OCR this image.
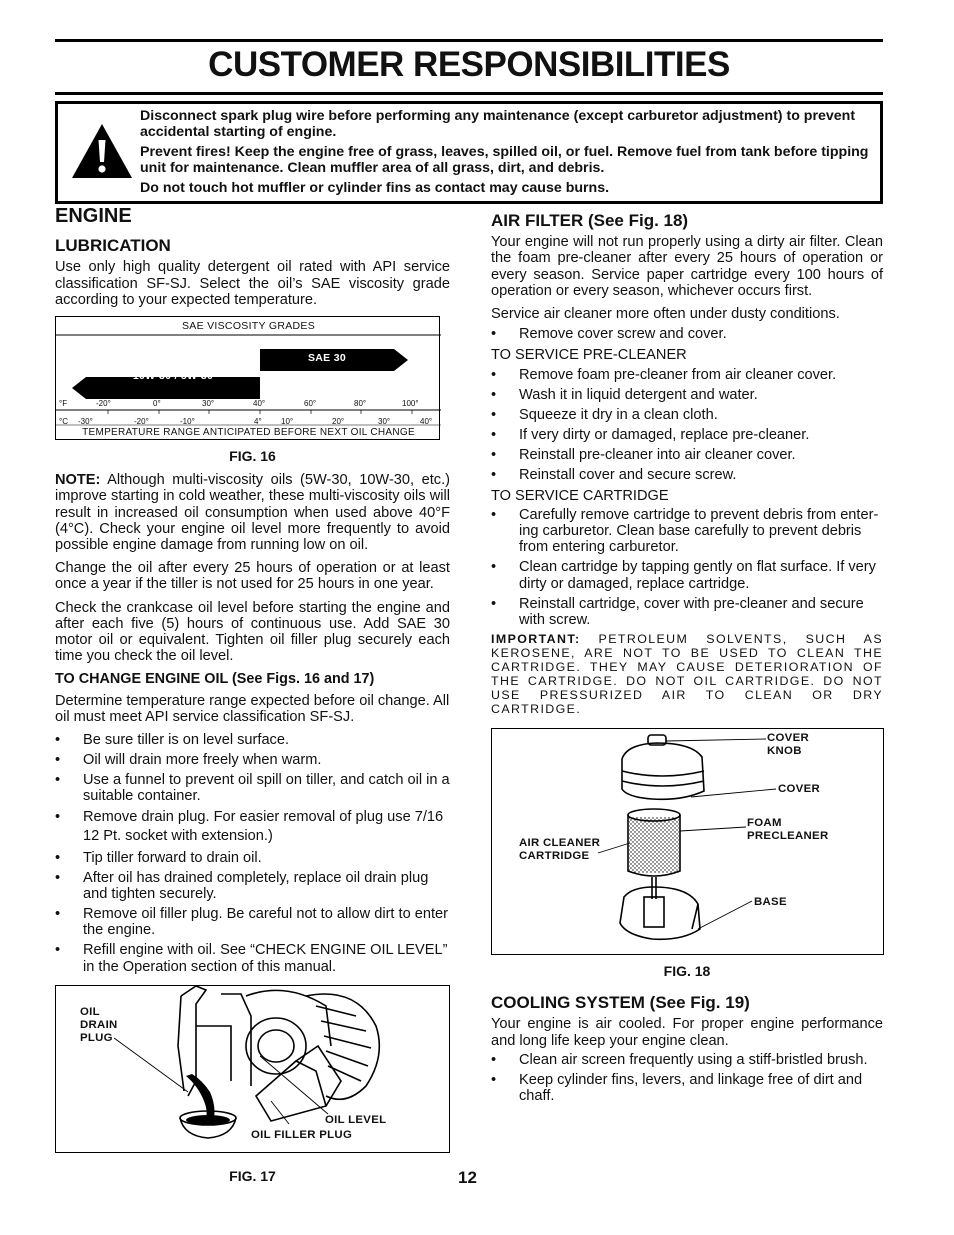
CUSTOMER RESPONSIBILITIES

Disconnect spark plug wire before performing any maintenance (except carburetor adjustment) to prevent accidental starting of engine.

Prevent fires! Keep the engine free of grass, leaves, spilled oil, or fuel. Remove fuel from tank before tipping unit for maintenance. Clean muffler area of all grass, dirt, and debris.

Do not touch hot muffler or cylinder fins as contact may cause burns.

ENGINE
LUBRICATION

Use only high quality detergent oil rated with API service classification SF-SJ. Select the oil’s SAE viscosity grade according to your expected temperature.

SAE VISCOSITY GRADES
SAE 30
10W-30 / 5W-30
°F	-20°	0°	30°	40°	60°	80°	100°
°C -30°	-20°	-10°	4° 10°	20°	30°	40°
TEMPERATURE RANGE ANTICIPATED BEFORE NEXT OIL CHANGE
FIG. 16

NOTE: Although multi-viscosity oils (5W-30, 10W-30, etc.) improve starting in cold weather, these multi-viscosity oils will result in increased oil consumption when used above 40°F (4°C). Check your engine oil level more frequently to avoid possible engine damage from running low on oil.

Change the oil after every 25 hours of operation or at least once a year if the tiller is not used for 25 hours in one year.

Check the crankcase oil level before starting the engine and after each five (5) hours of continuous use. Add SAE 30 motor oil or equivalent. Tighten oil filler plug securely each time you check the oil level.

TO CHANGE ENGINE OIL (See Figs. 16 and 17)

Determine temperature range expected before oil change. All oil must meet API service classification SF-SJ.

• Be sure tiller is on level surface.
• Oil will drain more freely when warm.
• Use a funnel to prevent oil spill on tiller, and catch oil in a suitable container.
• Remove drain plug. For easier removal of plug use 7/16 12 Pt. socket with extension.)
• Tip tiller forward to drain oil.
• After oil has drained completely, replace oil drain plug and tighten securely.
• Remove oil filler plug. Be careful not to allow dirt to enter the engine.
• Refill engine with oil. See “CHECK ENGINE OIL LEVEL” in the Operation section of this manual.
OIL
DRAIN
PLUG
OIL LEVEL
OIL FILLER PLUG
FIG. 17
AIR FILTER (See Fig. 18)

Your engine will not run properly using a dirty air filter. Clean the foam pre-cleaner after every 25 hours of operation or every season. Service paper cartridge every 100 hours of operation or every season, whichever occurs first.

Service air cleaner more often under dusty conditions.

• Remove cover screw and cover.
TO SERVICE PRE-CLEANER
• Remove foam pre-cleaner from air cleaner cover.
• Wash it in liquid detergent and water.
• Squeeze it dry in a clean cloth.
• If very dirty or damaged, replace pre-cleaner.
• Reinstall pre-cleaner into air cleaner cover.
• Reinstall cover and secure screw.
TO SERVICE CARTRIDGE
• Carefully remove cartridge to prevent debris from enter-ing carburetor. Clean base carefully to prevent debris from entering carburetor.
• Clean cartridge by tapping gently on flat surface. If very dirty or damaged, replace cartridge.
• Reinstall cartridge, cover with pre-cleaner and secure with screw.
IMPORTANT: PETROLEUM SOLVENTS, SUCH AS KEROSENE, ARE NOT TO BE USED TO CLEAN THE CARTRIDGE. THEY MAY CAUSE DETERIORATION OF THE CARTRIDGE. DO NOT OIL CARTRIDGE. DO NOT USE PRESSURIZED AIR TO CLEAN OR DRY CARTRIDGE.
COVER
KNOB
COVER
FOAM
PRECLEANER
AIR CLEANER
CARTRIDGE
BASE
FIG. 18
COOLING SYSTEM (See Fig. 19)

Your engine is air cooled. For proper engine performance and long life keep your engine clean.

• Clean air screen frequently using a stiff-bristled brush.
• Keep cylinder fins, levers, and linkage free of dirt and chaff.
12
